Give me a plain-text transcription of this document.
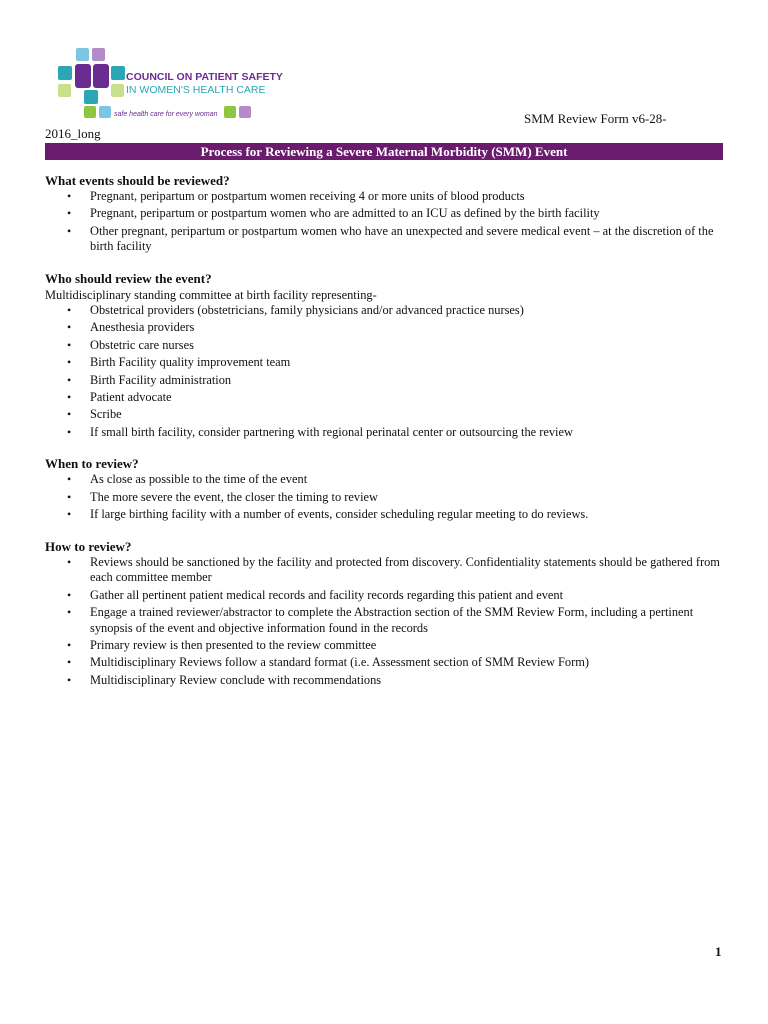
COUNCIL ON PATIENT SAFETY
IN WOMEN'S HEALTH CARE
safe health care for every woman	SMM Review Form v6-28-
2016_long
Process for Reviewing a Severe Maternal Morbidity (SMM) Event
What events should be reviewed?
• Pregnant, peripartum or postpartum women receiving 4 or more units of blood products
• Pregnant, peripartum or postpartum women who are admitted to an ICU as defined by the birth facility
• Other pregnant, peripartum or postpartum women who have an unexpected and severe medical event – at the discretion of the birth facility
Who should review the event?
Multidisciplinary standing committee at birth facility representing-
• Obstetrical providers (obstetricians, family physicians and/or advanced practice nurses)
• Anesthesia providers
• Obstetric care nurses
• Birth Facility quality improvement team
• Birth Facility administration
• Patient advocate
• Scribe
• If small birth facility, consider partnering with regional perinatal center or outsourcing the review
When to review?
• As close as possible to the time of the event
• The more severe the event, the closer the timing to review
• If large birthing facility with a number of events, consider scheduling regular meeting to do reviews.
How to review?
• Reviews should be sanctioned by the facility and protected from discovery. Confidentiality statements should be gathered from each committee member
• Gather all pertinent patient medical records and facility records regarding this patient and event
• Engage a trained reviewer/abstractor to complete the Abstraction section of the SMM Review Form, including a pertinent synopsis of the event and objective information found in the records
• Primary review is then presented to the review committee
• Multidisciplinary Reviews follow a standard format (i.e. Assessment section of SMM Review Form)
• Multidisciplinary Review conclude with recommendations
1
